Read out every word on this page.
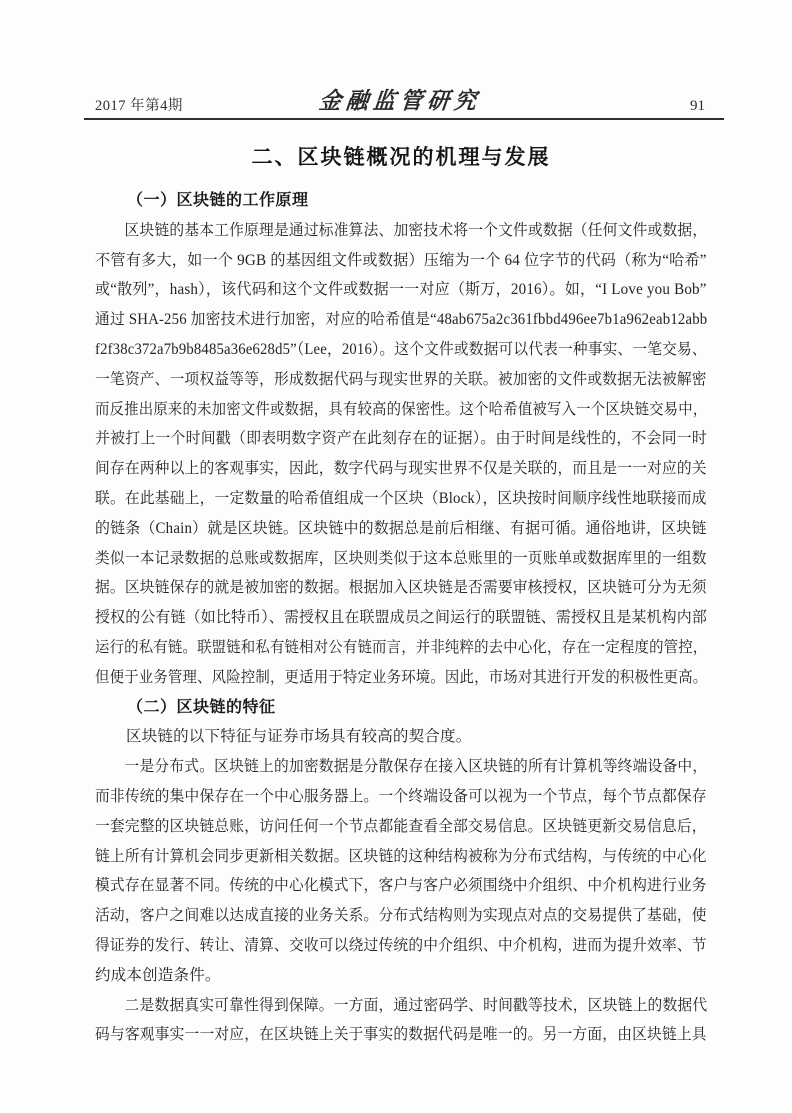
2017 年第4期	金融监管研究	91
二、区块链概况的机理与发展
（一）区块链的工作原理
区块链的基本工作原理是通过标准算法、加密技术将一个文件或数据（任何文件或数据，
不管有多大，如一个 9GB 的基因组文件或数据）压缩为一个 64 位字节的代码（称为“哈希”
或“散列”，hash），该代码和这个文件或数据一一对应（斯万，2016）。如，“I Love you Bob”
通过 SHA-256 加密技术进行加密，对应的哈希值是“48ab675a2c361fbbd496ee7b1a962eab12abb
f2f38c372a7b9b8485a36e628d5”（Lee，2016）。这个文件或数据可以代表一种事实、一笔交易、
一笔资产、一项权益等等，形成数据代码与现实世界的关联。被加密的文件或数据无法被解密
而反推出原来的未加密文件或数据，具有较高的保密性。这个哈希值被写入一个区块链交易中，
并被打上一个时间戳（即表明数字资产在此刻存在的证据）。由于时间是线性的，不会同一时
间存在两种以上的客观事实，因此，数字代码与现实世界不仅是关联的，而且是一一对应的关
联。在此基础上，一定数量的哈希值组成一个区块（Block），区块按时间顺序线性地联接而成
的链条（Chain）就是区块链。区块链中的数据总是前后相继、有据可循。通俗地讲，区块链
类似一本记录数据的总账或数据库，区块则类似于这本总账里的一页账单或数据库里的一组数
据。区块链保存的就是被加密的数据。根据加入区块链是否需要审核授权，区块链可分为无须
授权的公有链（如比特币）、需授权且在联盟成员之间运行的联盟链、需授权且是某机构内部
运行的私有链。联盟链和私有链相对公有链而言，并非纯粹的去中心化，存在一定程度的管控，
但便于业务管理、风险控制，更适用于特定业务环境。因此，市场对其进行开发的积极性更高。
（二）区块链的特征
区块链的以下特征与证券市场具有较高的契合度。
一是分布式。区块链上的加密数据是分散保存在接入区块链的所有计算机等终端设备中，
而非传统的集中保存在一个中心服务器上。一个终端设备可以视为一个节点，每个节点都保存
一套完整的区块链总账，访问任何一个节点都能查看全部交易信息。区块链更新交易信息后，
链上所有计算机会同步更新相关数据。区块链的这种结构被称为分布式结构，与传统的中心化
模式存在显著不同。传统的中心化模式下，客户与客户必须围绕中介组织、中介机构进行业务
活动，客户之间难以达成直接的业务关系。分布式结构则为实现点对点的交易提供了基础，使
得证券的发行、转让、清算、交收可以绕过传统的中介组织、中介机构，进而为提升效率、节
约成本创造条件。
二是数据真实可靠性得到保障。一方面，通过密码学、时间戳等技术，区块链上的数据代
码与客观事实一一对应，在区块链上关于事实的数据代码是唯一的。另一方面，由区块链上具
